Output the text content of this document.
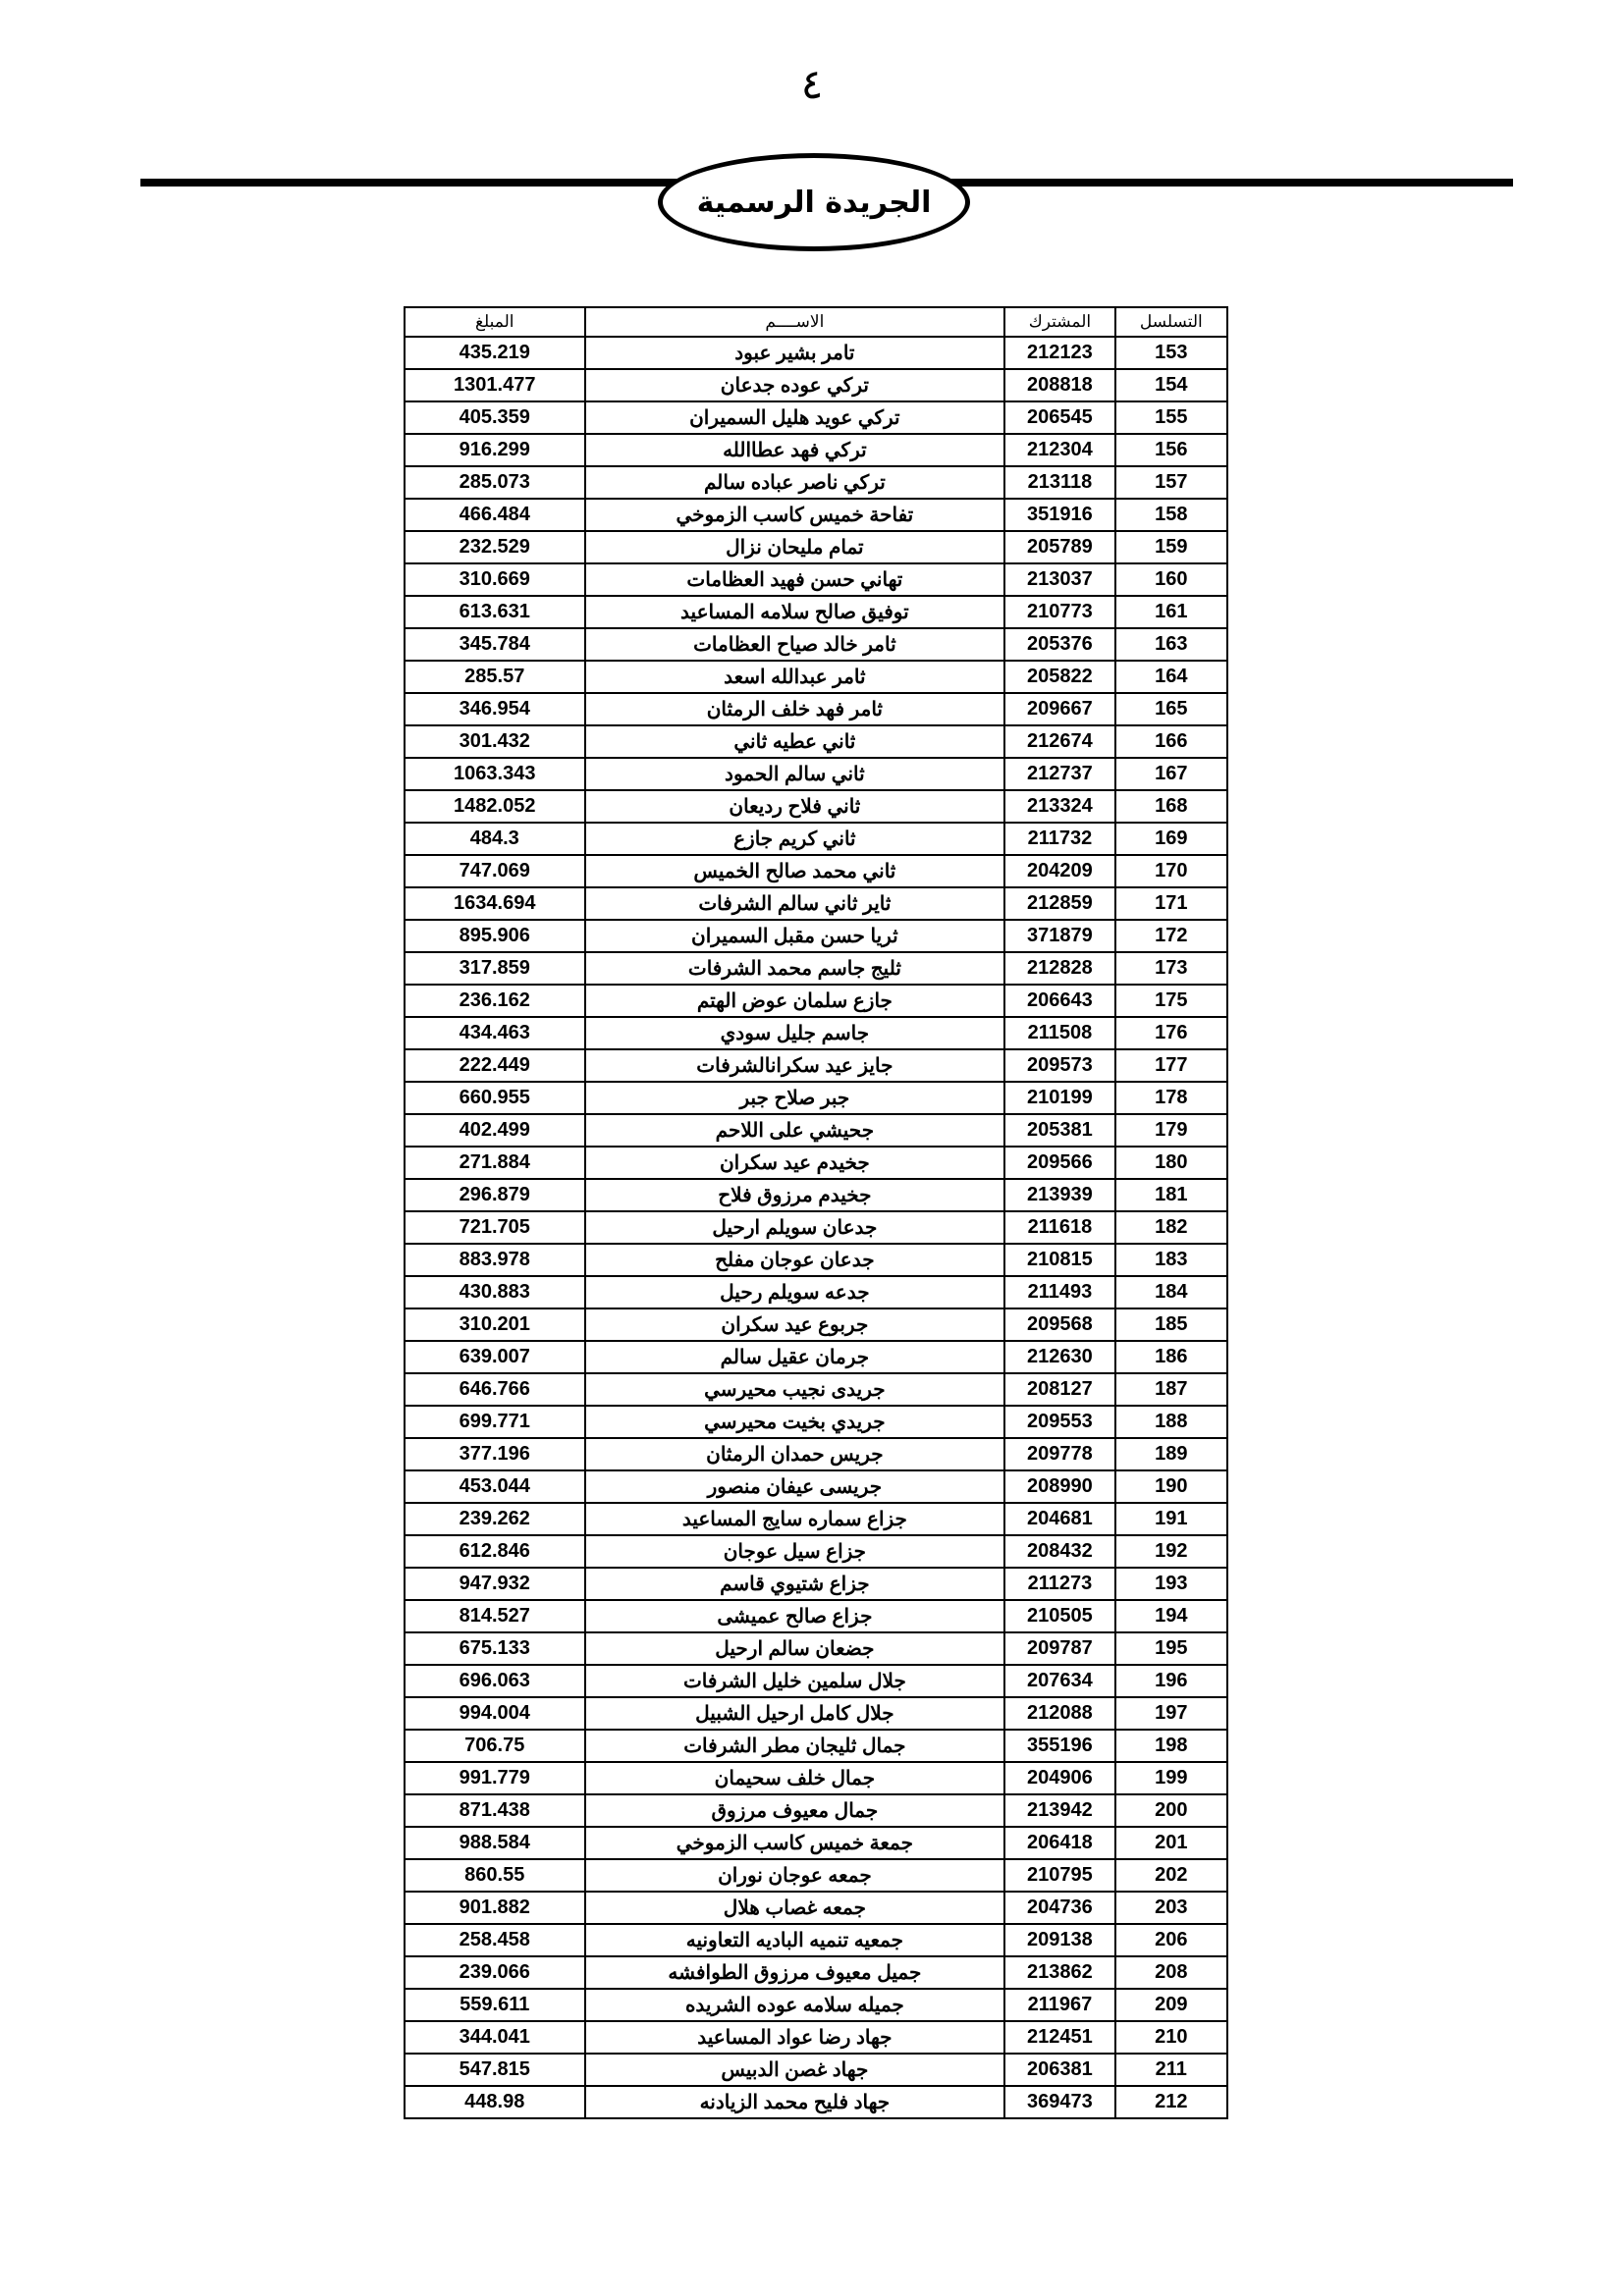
٤
الجريدة الرسمية
التسلسل	المشترك	الاســــم	المبلغ
153	212123	تامر بشير عبود	435.219
154	208818	تركي عوده جدعان	1301.477
155	206545	تركي عويد هليل السميران	405.359
156	212304	تركي فهد عطاالله	916.299
157	213118	تركي ناصر عباده سالم	285.073
158	351916	تفاحة خميس كاسب الزموخي	466.484
159	205789	تمام مليحان نزال	232.529
160	213037	تهاني حسن فهيد العظامات	310.669
161	210773	توفيق صالح سلامه المساعيد	613.631
163	205376	ثامر خالد صياح العظامات	345.784
164	205822	ثامر عبدالله اسعد	285.57
165	209667	ثامر فهد خلف الرمثان	346.954
166	212674	ثاني عطيه ثاني	301.432
167	212737	ثاني سالم الحمود	1063.343
168	213324	ثاني فلاح رديعان	1482.052
169	211732	ثاني كريم جازع	484.3
170	204209	ثاني محمد صالح الخميس	747.069
171	212859	ثاير ثاني سالم الشرفات	1634.694
172	371879	ثريا حسن مقبل السميران	895.906
173	212828	ثليج جاسم محمد الشرفات	317.859
175	206643	جازع سلمان عوض الهتم	236.162
176	211508	جاسم جليل سودي	434.463
177	209573	جايز عيد سكرانالشرفات	222.449
178	210199	جبر صلاح جبر	660.955
179	205381	جحيشي على اللاحم	402.499
180	209566	جخيدم عيد سكران	271.884
181	213939	جخيدم مرزوق فلاح	296.879
182	211618	جدعان سويلم ارحيل	721.705
183	210815	جدعان عوجان مفلح	883.978
184	211493	جدعه سويلم رحيل	430.883
185	209568	جربوع عيد سكران	310.201
186	212630	جرمان عقيل سالم	639.007
187	208127	جريدى نجيب محيرسي	646.766
188	209553	جريدي بخيت محيرسي	699.771
189	209778	جريس حمدان الرمثان	377.196
190	208990	جريسى عيفان منصور	453.044
191	204681	جزاع سماره سايج المساعيد	239.262
192	208432	جزاع سيل عوجان	612.846
193	211273	جزاع شتيوي قاسم	947.932
194	210505	جزاع صالح عميشى	814.527
195	209787	جضعان سالم ارحيل	675.133
196	207634	جلال سلمين خليل الشرفات	696.063
197	212088	جلال كامل ارحيل الشبيل	994.004
198	355196	جمال ثليجان مطر الشرفات	706.75
199	204906	جمال خلف سحيمان	991.779
200	213942	جمال معيوف مرزوق	871.438
201	206418	جمعة خميس كاسب الزموخي	988.584
202	210795	جمعه عوجان نوران	860.55
203	204736	جمعه غصاب هلال	901.882
206	209138	جمعيه تنميه الباديه التعاونيه	258.458
208	213862	جميل معيوف مرزوق الطوافشه	239.066
209	211967	جميله سلامه عوده الشريده	559.611
210	212451	جهاد رضا عواد المساعيد	344.041
211	206381	جهاد غصن الدبيس	547.815
212	369473	جهاد فليح محمد الزيادنه	448.98
